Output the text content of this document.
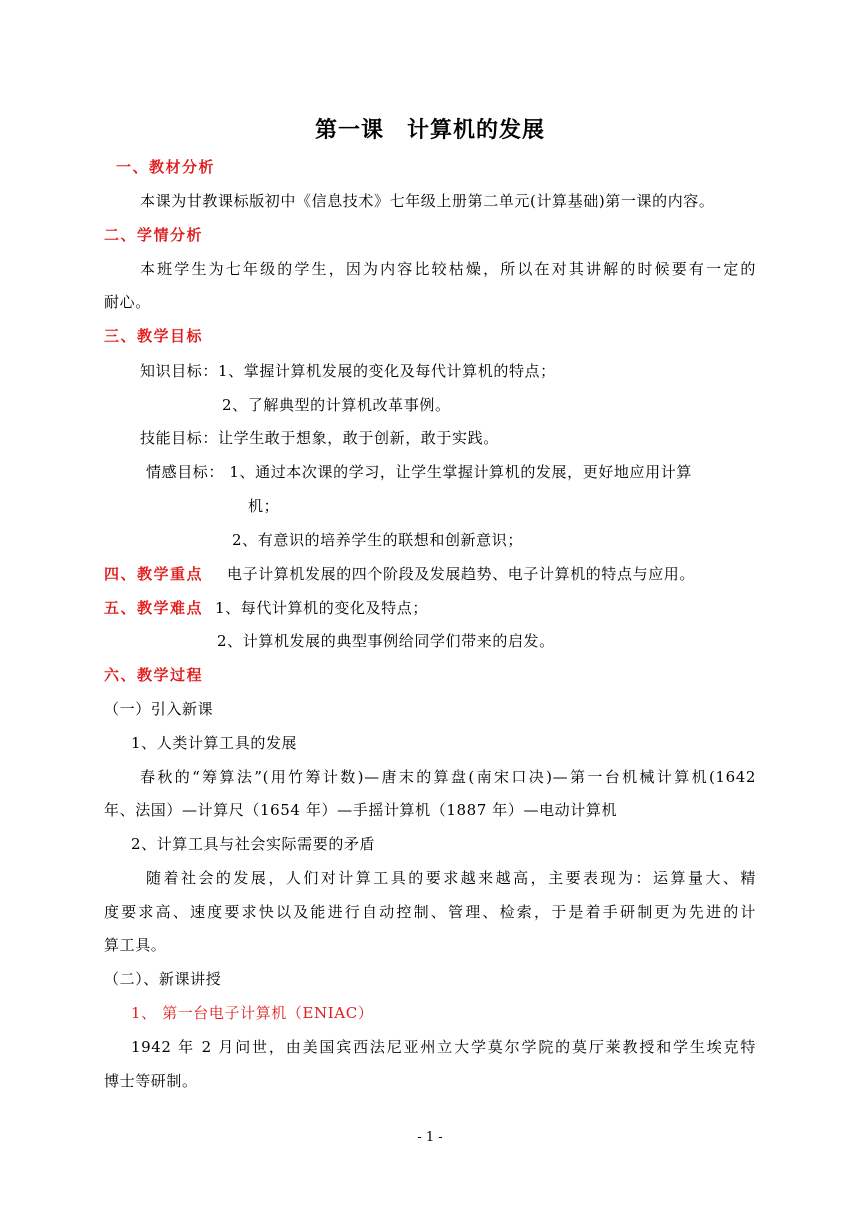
第一课　计算机的发展
一、教材分析
本课为甘教课标版初中《信息技术》七年级上册第二单元(计算基础)第一课的内容。
二、学情分析
本班学生为七年级的学生，因为内容比较枯燥，所以在对其讲解的时候要有一定的
耐心。
三、教学目标
知识目标：1、掌握计算机发展的变化及每代计算机的特点；
2、了解典型的计算机改革事例。
技能目标：让学生敢于想象，敢于创新，敢于实践。
情感目标： 1、通过本次课的学习，让学生掌握计算机的发展，更好地应用计算
机；
2、有意识的培养学生的联想和创新意识；
四、教学重点 电子计算机发展的四个阶段及发展趋势、电子计算机的特点与应用。
五、教学难点 1、每代计算机的变化及特点；
2、计算机发展的典型事例给同学们带来的启发。
六、教学过程
（一）引入新课
1、人类计算工具的发展
春秋的“筹算法”(用竹筹计数)—唐末的算盘(南宋口决)—第一台机械计算机(1642
年、法国）—计算尺（1654 年）—手摇计算机（1887 年）—电动计算机
2、计算工具与社会实际需要的矛盾
随着社会的发展，人们对计算工具的要求越来越高，主要表现为：运算量大、精
度要求高、速度要求快以及能进行自动控制、管理、检索，于是着手研制更为先进的计
算工具。
（二）、新课讲授
1、 第一台电子计算机（ENIAC）
1942 年 2 月问世，由美国宾西法尼亚州立大学莫尔学院的莫厅莱教授和学生埃克特
博士等研制。
- 1 -
